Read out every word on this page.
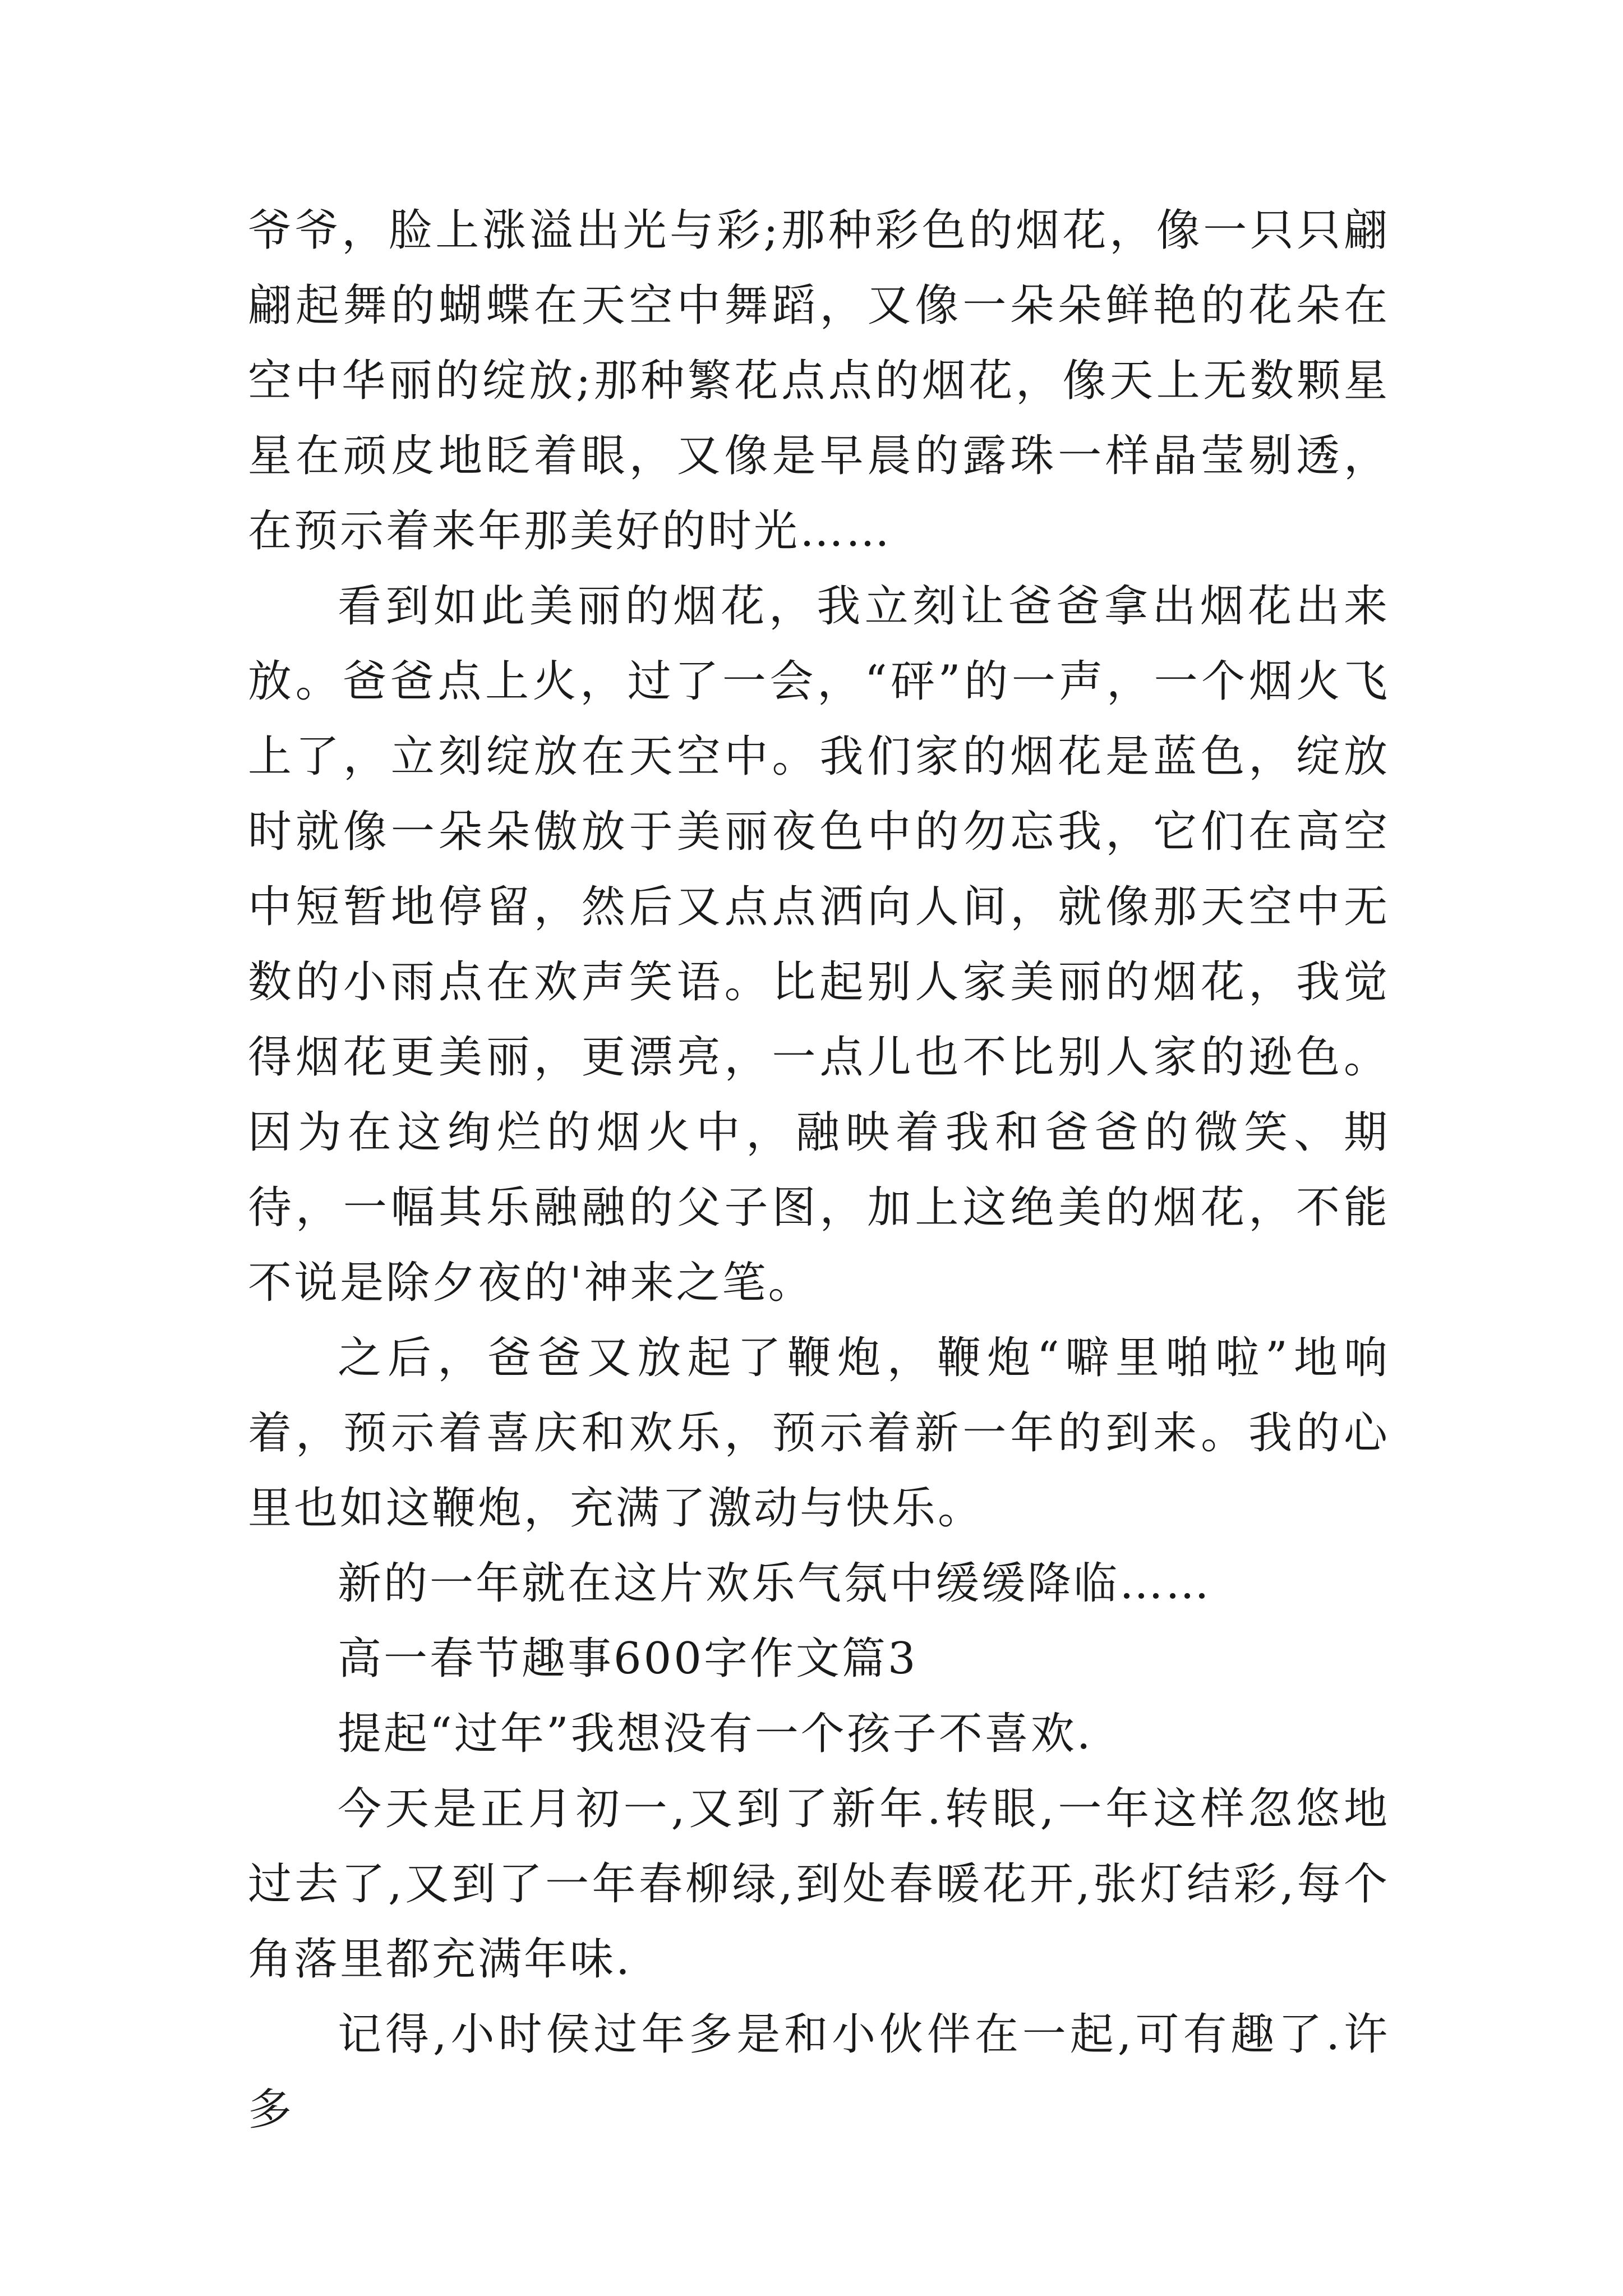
爷爷，脸上涨溢出光与彩;那种彩色的烟花，像一只只翩翩起舞的蝴蝶在天空中舞蹈，又像一朵朵鲜艳的花朵在空中华丽的绽放;那种繁花点点的烟花，像天上无数颗星星在顽皮地眨着眼，又像是早晨的露珠一样晶莹剔透，在预示着来年那美好的时光……

看到如此美丽的烟花，我立刻让爸爸拿出烟花出来放。爸爸点上火，过了一会，“砰”的一声，一个烟火飞上了，立刻绽放在天空中。我们家的烟花是蓝色，绽放时就像一朵朵傲放于美丽夜色中的勿忘我，它们在高空中短暂地停留，然后又点点洒向人间，就像那天空中无数的小雨点在欢声笑语。比起别人家美丽的烟花，我觉得烟花更美丽，更漂亮，一点儿也不比别人家的逊色。因为在这绚烂的烟火中，融映着我和爸爸的微笑、期待，一幅其乐融融的父子图，加上这绝美的烟花，不能不说是除夕夜的'神来之笔。

之后，爸爸又放起了鞭炮，鞭炮“噼里啪啦”地响着，预示着喜庆和欢乐，预示着新一年的到来。我的心里也如这鞭炮，充满了激动与快乐。

新的一年就在这片欢乐气氛中缓缓降临……

高一春节趣事600字作文篇3

提起“过年”我想没有一个孩子不喜欢.

今天是正月初一,又到了新年.转眼,一年这样忽悠地过去了,又到了一年春柳绿,到处春暖花开,张灯结彩,每个角落里都充满年味.

记得,小时侯过年多是和小伙伴在一起,可有趣了.许多
